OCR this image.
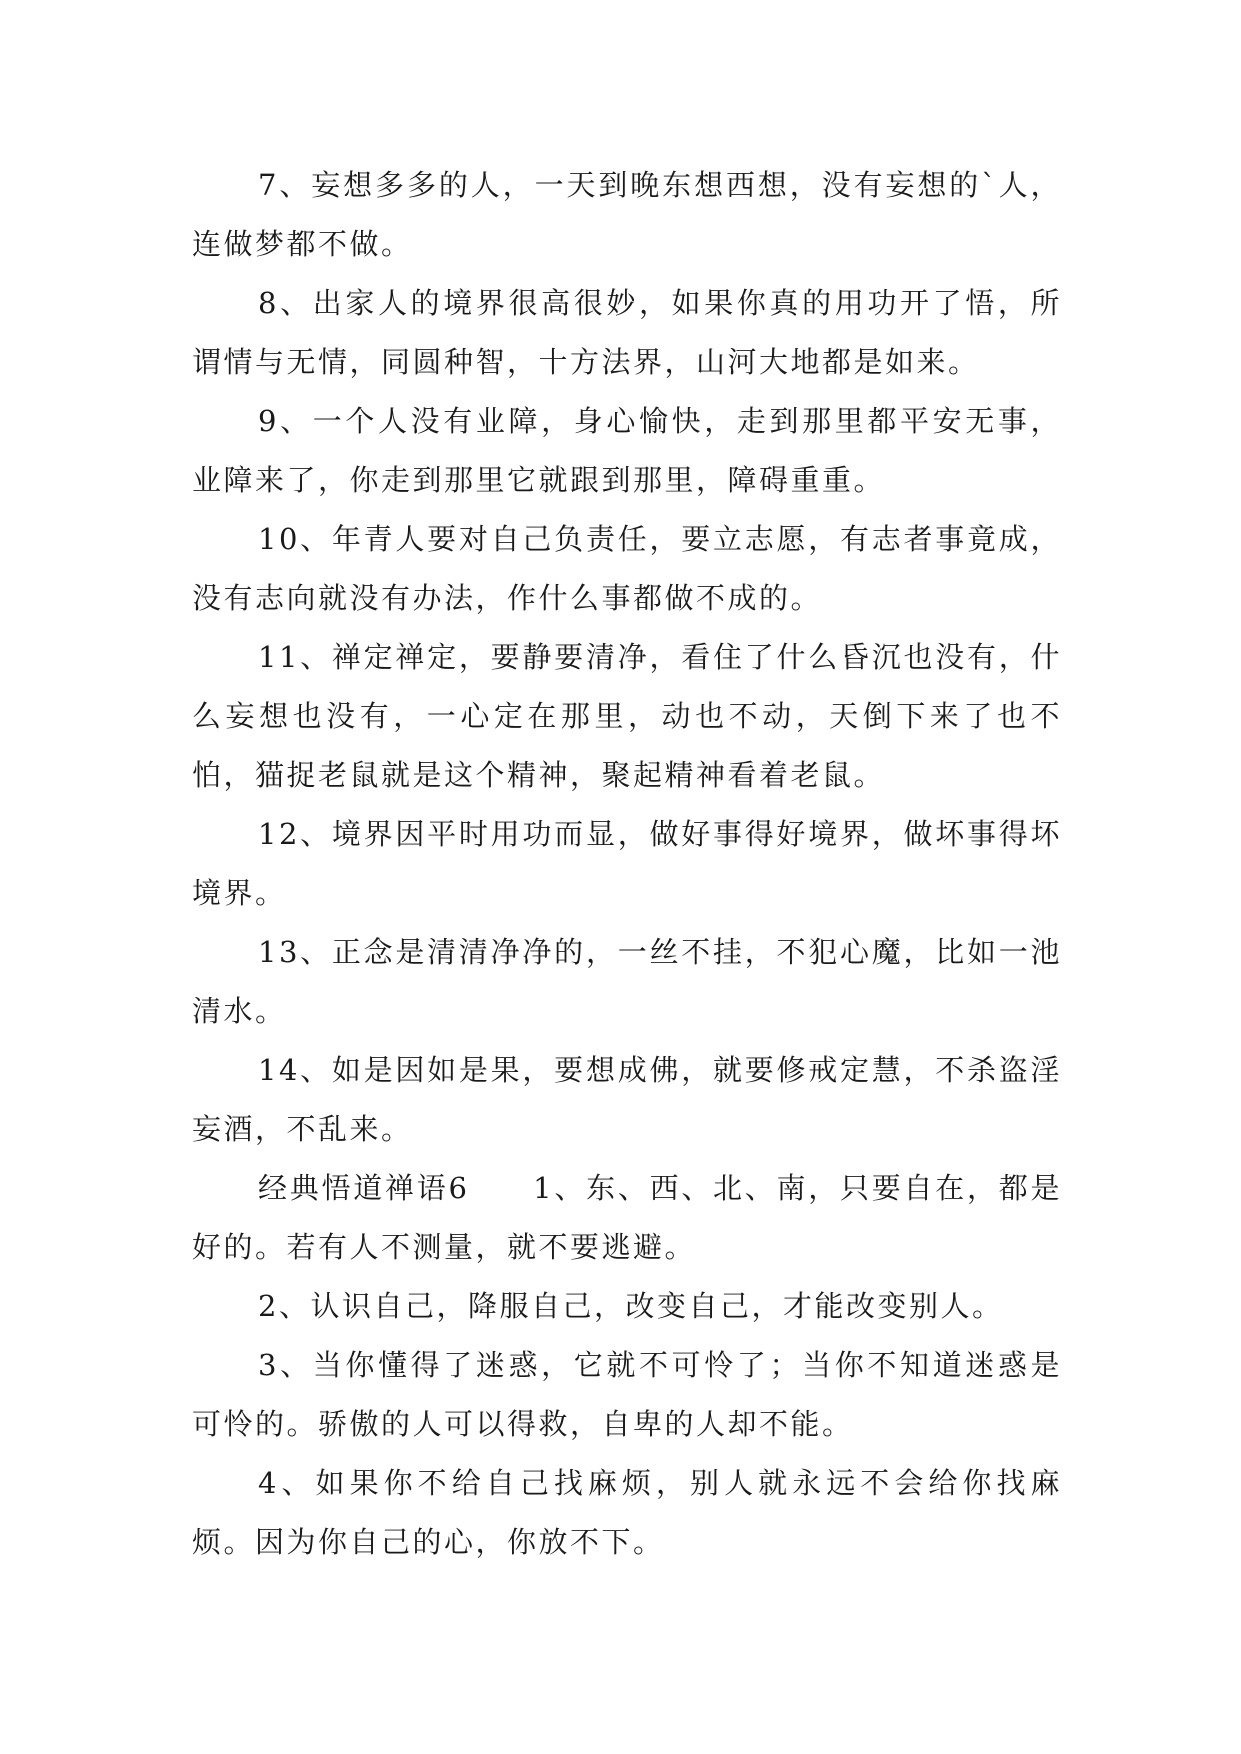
7、妄想多多的人，一天到晚东想西想，没有妄想的`人，连做梦都不做。

8、出家人的境界很高很妙，如果你真的用功开了悟，所谓情与无情，同圆种智，十方法界，山河大地都是如来。

9、一个人没有业障，身心愉快，走到那里都平安无事，业障来了，你走到那里它就跟到那里，障碍重重。

10、年青人要对自己负责任，要立志愿，有志者事竟成，没有志向就没有办法，作什么事都做不成的。

11、禅定禅定，要静要清净，看住了什么昏沉也没有，什么妄想也没有，一心定在那里，动也不动，天倒下来了也不怕，猫捉老鼠就是这个精神，聚起精神看着老鼠。

12、境界因平时用功而显，做好事得好境界，做坏事得坏境界。

13、正念是清清净净的，一丝不挂，不犯心魔，比如一池清水。

14、如是因如是果，要想成佛，就要修戒定慧，不杀盗淫妄酒，不乱来。

经典悟道禅语6　　1、东、西、北、南，只要自在，都是好的。若有人不测量，就不要逃避。

2、认识自己，降服自己，改变自己，才能改变别人。

3、当你懂得了迷惑，它就不可怜了；当你不知道迷惑是可怜的。骄傲的人可以得救，自卑的人却不能。

4、如果你不给自己找麻烦，别人就永远不会给你找麻烦。因为你自己的心，你放不下。
